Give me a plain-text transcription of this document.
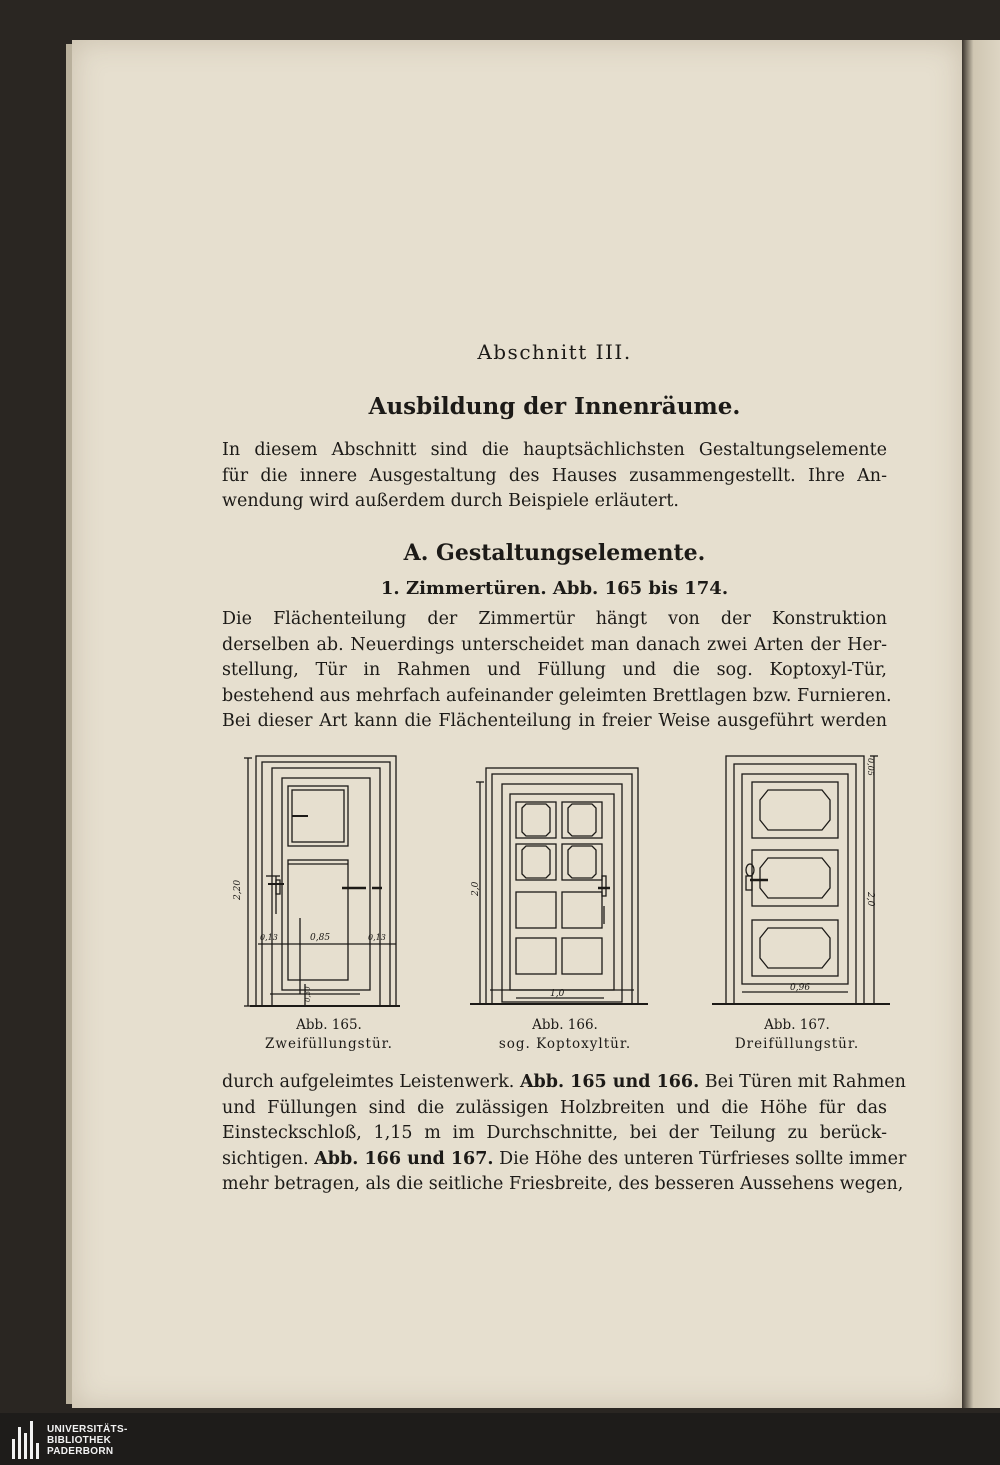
Abschnitt III.
Ausbildung der Innenräume.
In diesem Abschnitt sind die hauptsächlichsten Gestaltungselemente
für die innere Ausgestaltung des Hauses zusammengestellt. Ihre An-
wendung wird außerdem durch Beispiele erläutert.
A. Gestaltungselemente.
1. Zimmertüren. Abb. 165 bis 174.
Die Flächenteilung der Zimmertür hängt von der Konstruktion
derselben ab. Neuerdings unterscheidet man danach zwei Arten der Her-
stellung, Tür in Rahmen und Füllung und die sog. Koptoxyl-Tür,
bestehend aus mehrfach aufeinander geleimten Brettlagen bzw. Furnieren.
Bei dieser Art kann die Flächenteilung in freier Weise ausgeführt werden
2,20
0,85
0,13	0,13
0,30
2,0
1,0
2,0
0,96
0,05
Abb. 165.
Zweifüllungstür.
Abb. 166.
sog. Koptoxyltür.
Abb. 167.
Dreifüllungstür.
durch aufgeleimtes Leistenwerk. Abb. 165 und 166. Bei Türen mit Rahmen
und Füllungen sind die zulässigen Holzbreiten und die Höhe für das
Einsteckschloß, 1,15 m im Durchschnitte, bei der Teilung zu berück-
sichtigen. Abb. 166 und 167. Die Höhe des unteren Türfrieses sollte immer
mehr betragen, als die seitliche Friesbreite, des besseren Aussehens wegen,
UNIVERSITÄTS-
BIBLIOTHEK
PADERBORN
